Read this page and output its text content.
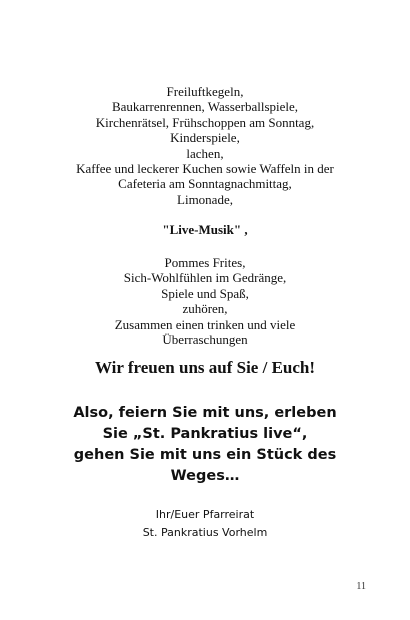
Freiluftkegeln,
Baukarrenrennen, Wasserballspiele,
Kirchenrätsel, Frühschoppen am Sonntag,
Kinderspiele,
lachen,
Kaffee und leckerer Kuchen sowie Waffeln in der
Cafeteria am Sonntagnachmittag,
Limonade,
"Live-Musik" ,
Pommes Frites,
Sich-Wohlfühlen im Gedränge,
Spiele und Spaß,
zuhören,
Zusammen einen trinken und viele
Überraschungen
Wir freuen uns auf Sie / Euch!
Also, feiern Sie mit uns, erleben
Sie „St. Pankratius live“,
gehen Sie mit uns ein Stück des
Weges…
Ihr/Euer Pfarreirat
St. Pankratius Vorhelm
11
